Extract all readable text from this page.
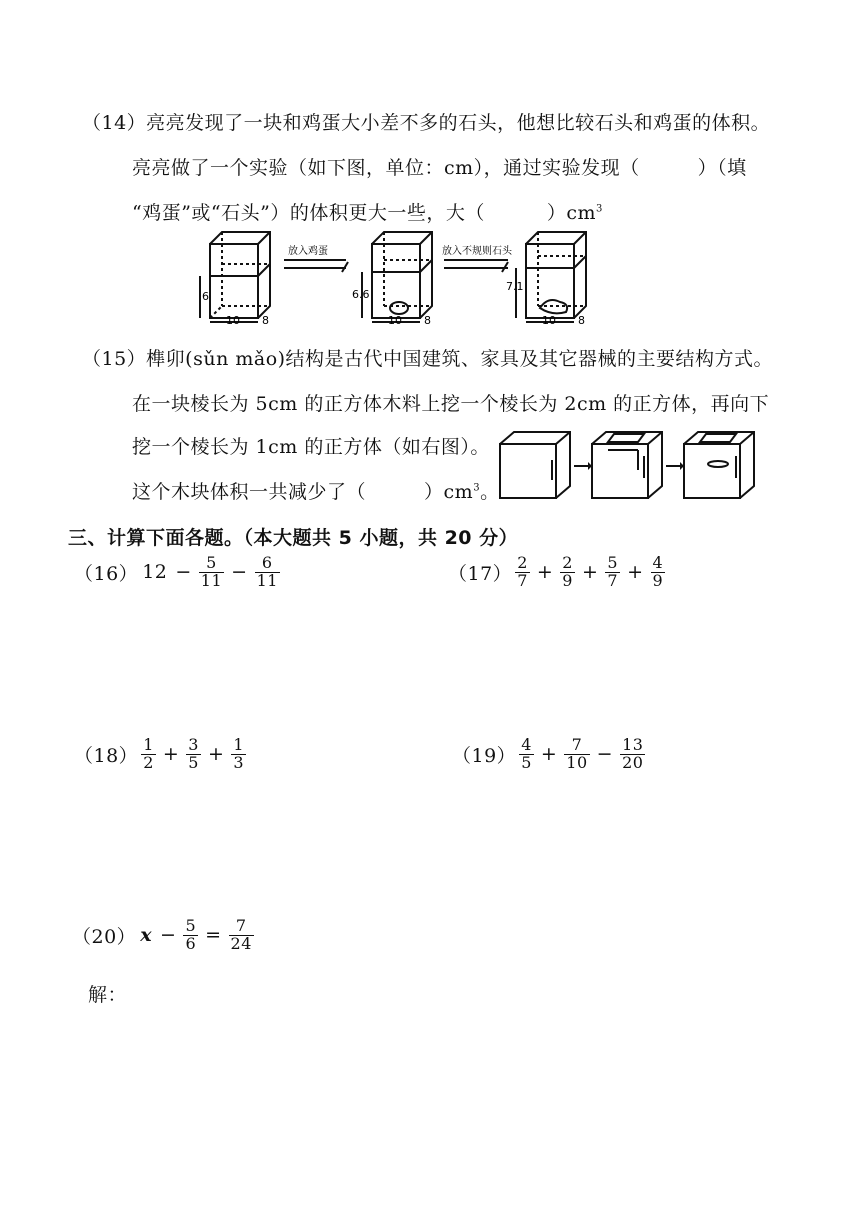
（14）亮亮发现了一块和鸡蛋大小差不多的石头，他想比较石头和鸡蛋的体积。
亮亮做了一个实验（如下图，单位：cm），通过实验发现（	）（填
“鸡蛋”或“石头”）的体积更大一些，大（	）$cm^3$
放入鸡蛋	放入不规则石头
6	6.6
7.1
10 8	10 8	10 8
（15）榫卯(sǔn mǎo)结构是古代中国建筑、家具及其它器械的主要结构方式。
在一块棱长为 5cm 的正方体木料上挖一个棱长为 2cm 的正方体，再向下
挖一个棱长为 1cm 的正方体（如右图）。
这个木块体积一共减少了（	）$cm^3$。
三、计算下面各题。（本大题共 5 小题，共 20 分）
（16） $12 - \frac{5}{11} - \frac{6}{11}$	$(17) \frac{2}{7} + \frac{2}{9} + \frac{5}{7} + \frac{4}{9}$
$(18) \frac{1}{2} + \frac{3}{5} + \frac{1}{3}$	$(19) \frac{4}{5} + \frac{7}{10} - \frac{13}{20}$
（20） $x - \frac{5}{6} = \frac{7}{24}$
解：
